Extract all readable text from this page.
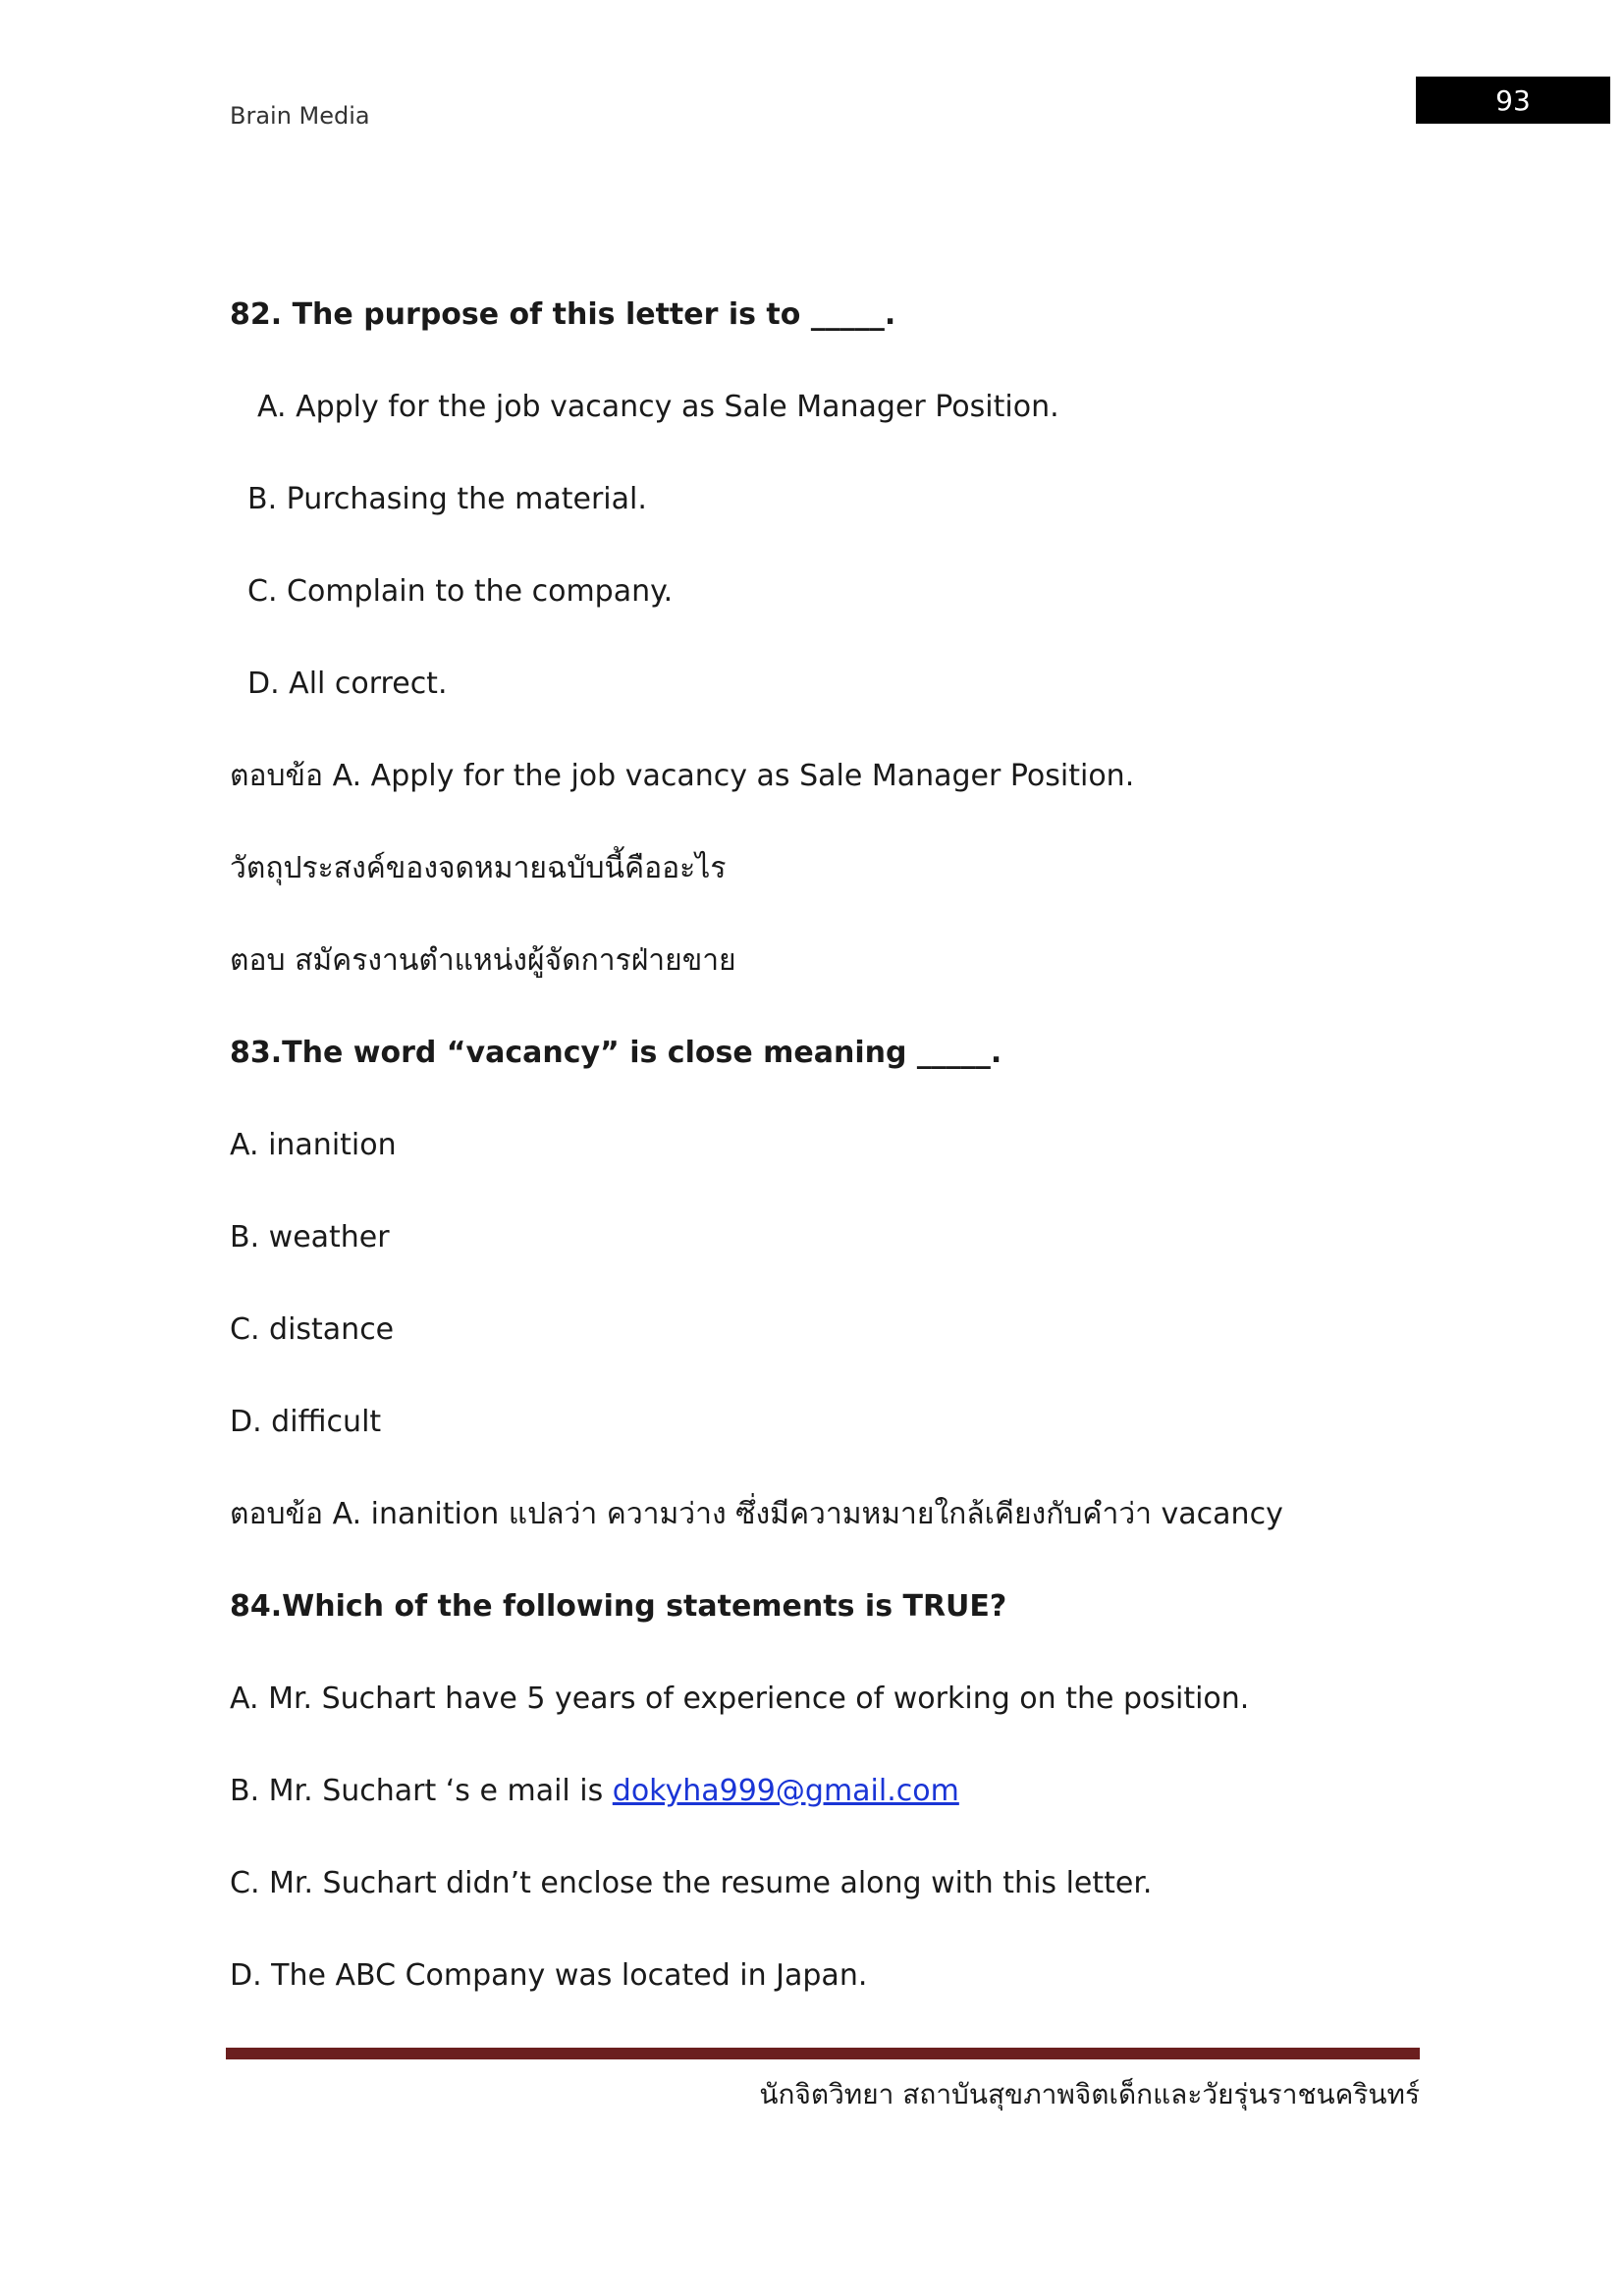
Brain Media	93
82. The purpose of this letter is to _____.
A. Apply for the job vacancy as Sale Manager Position.
B. Purchasing the material.
C. Complain to the company.
D. All correct.
ตอบข้อ A. Apply for the job vacancy as Sale Manager Position.
วัตถุประสงค์ของจดหมายฉบับนี้คืออะไร
ตอบ สมัครงานตำแหน่งผู้จัดการฝ่ายขาย
83.The word “vacancy” is close meaning _____.
A. inanition
B. weather
C. distance
D. difficult
ตอบข้อ A. inanition แปลว่า ความว่าง ซึ่งมีความหมายใกล้เคียงกับคำว่า vacancy
84.Which of the following statements is TRUE?
A. Mr. Suchart have 5 years of experience of working on the position.
B. Mr. Suchart ‘s e mail is dokyha999@gmail.com
C. Mr. Suchart didn’t enclose the resume along with this letter.
D. The ABC Company was located in Japan.
นักจิตวิทยา สถาบันสุขภาพจิตเด็กและวัยรุ่นราชนครินทร์
